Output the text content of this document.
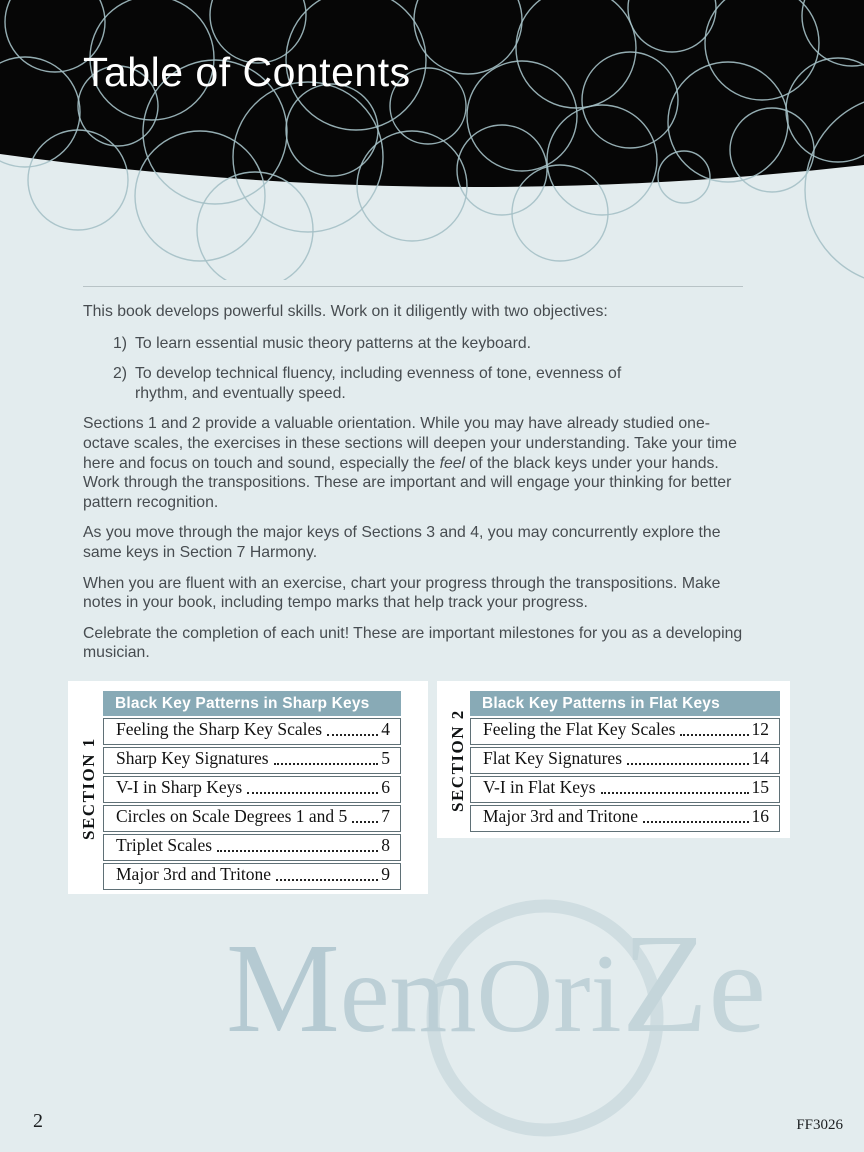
Table of Contents

This book develops powerful skills. Work on it diligently with two objectives:

1) To learn essential music theory patterns at the keyboard.
2) To develop technical fluency, including evenness of tone, evenness of rhythm, and eventually speed.

Sections 1 and 2 provide a valuable orientation. While you may have already studied one-octave scales, the exercises in these sections will deepen your understanding. Take your time here and focus on touch and sound, especially the feel of the black keys under your hands. Work through the transpositions. These are important and will engage your thinking for better pattern recognition.

As you move through the major keys of Sections 3 and 4, you may concurrently explore the same keys in Section 7 Harmony.

When you are fluent with an exercise, chart your progress through the transpositions. Make notes in your book, including tempo marks that help track your progress.

Celebrate the completion of each unit! These are important milestones for you as a developing musician.

SECTION 1
Black Key Patterns in Sharp Keys
Feeling the Sharp Key Scales	4
Sharp Key Signatures	5
V-I in Sharp Keys	6
Circles on Scale Degrees 1 and 5 7
Triplet Scales	8
Major 3rd and Tritone	9
SECTION 2
Black Key Patterns in Flat Keys
Feeling the Flat Key Scales	12
Flat Key Signatures	14
V-I in Flat Keys	15
Major 3rd and Tritone	16
MemOriZe
2	FF3026
